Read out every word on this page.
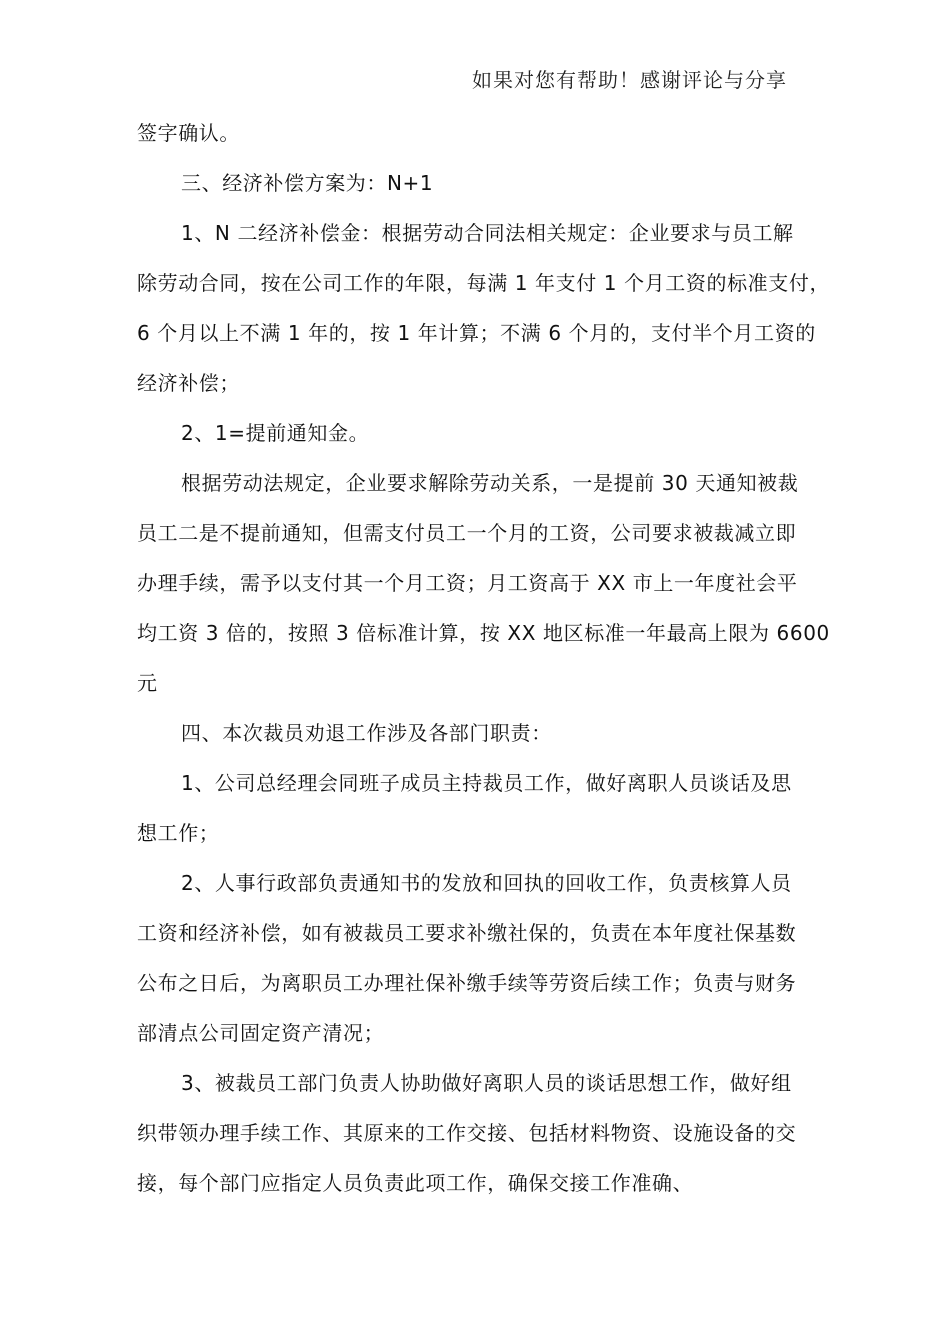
如果对您有帮助！感谢评论与分享
签字确认。
三、经济补偿方案为：N+1
1、N 二经济补偿金：根据劳动合同法相关规定：企业要求与员工解
除劳动合同，按在公司工作的年限，每满 1 年支付 1 个月工资的标准支付，
6 个月以上不满 1 年的，按 1 年计算；不满 6 个月的，支付半个月工资的
经济补偿；
2、1=提前通知金。
根据劳动法规定，企业要求解除劳动关系，一是提前 30 天通知被裁
员工二是不提前通知，但需支付员工一个月的工资，公司要求被裁减立即
办理手续，需予以支付其一个月工资；月工资高于 XX 市上一年度社会平
均工资 3 倍的，按照 3 倍标准计算，按 XX 地区标准一年最高上限为 6600
元
四、本次裁员劝退工作涉及各部门职责：
1、公司总经理会同班子成员主持裁员工作，做好离职人员谈话及思
想工作；
2、人事行政部负责通知书的发放和回执的回收工作，负责核算人员
工资和经济补偿，如有被裁员工要求补缴社保的，负责在本年度社保基数
公布之日后，为离职员工办理社保补缴手续等劳资后续工作；负责与财务
部清点公司固定资产清况；
3、被裁员工部门负责人协助做好离职人员的谈话思想工作，做好组
织带领办理手续工作、其原来的工作交接、包括材料物资、设施设备的交
接，每个部门应指定人员负责此项工作，确保交接工作准确、
